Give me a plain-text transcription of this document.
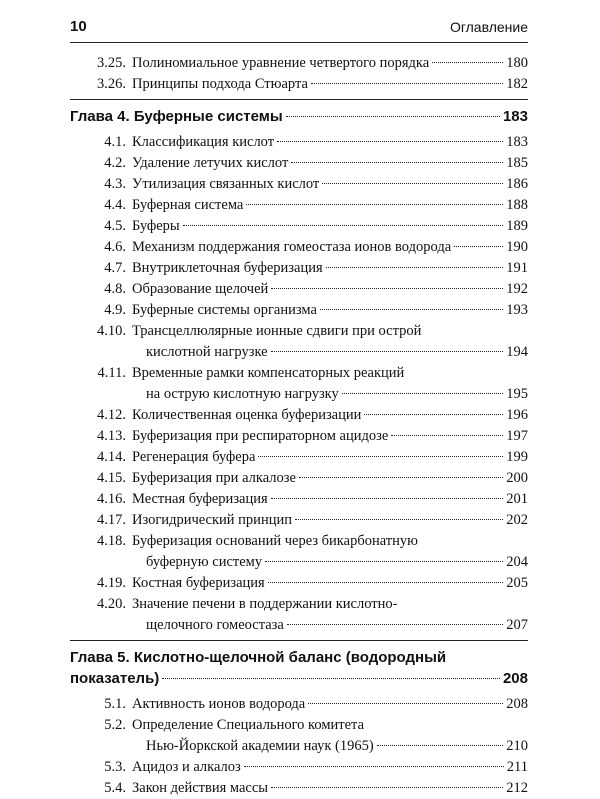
10	Оглавление
3.25. Полиномиальное уравнение четвертого порядка	180
3.26. Принципы подхода Стюарта	182
Глава 4. Буферные системы	183
4.1. Классификация кислот	183
4.2. Удаление летучих кислот	185
4.3. Утилизация связанных кислот	186
4.4. Буферная система	188
4.5. Буферы	189
4.6. Механизм поддержания гомеостаза ионов водорода	190
4.7. Внутриклеточная буферизация	191
4.8. Образование щелочей	192
4.9. Буферные системы организма	193
4.10. Трансцеллюлярные ионные сдвиги при острой
кислотной нагрузке	194
4.11. Временные рамки компенсаторных реакций
на острую кислотную нагрузку	195
4.12. Количественная оценка буферизации	196
4.13. Буферизация при респираторном ацидозе	197
4.14. Регенерация буфера	199
4.15. Буферизация при алкалозе	200
4.16. Местная буферизация	201
4.17. Изогидрический принцип	202
4.18. Буферизация оснований через бикарбонатную
буферную систему	204
4.19. Костная буферизация	205
4.20. Значение печени в поддержании кислотно-
щелочного гомеостаза	207
Глава 5. Кислотно-щелочной баланс (водородный
показатель)	208
5.1. Активность ионов водорода	208
5.2. Определение Специального комитета
Нью-Йоркской академии наук (1965)	210
5.3. Ацидоз и алкалоз	211
5.4. Закон действия массы	212
